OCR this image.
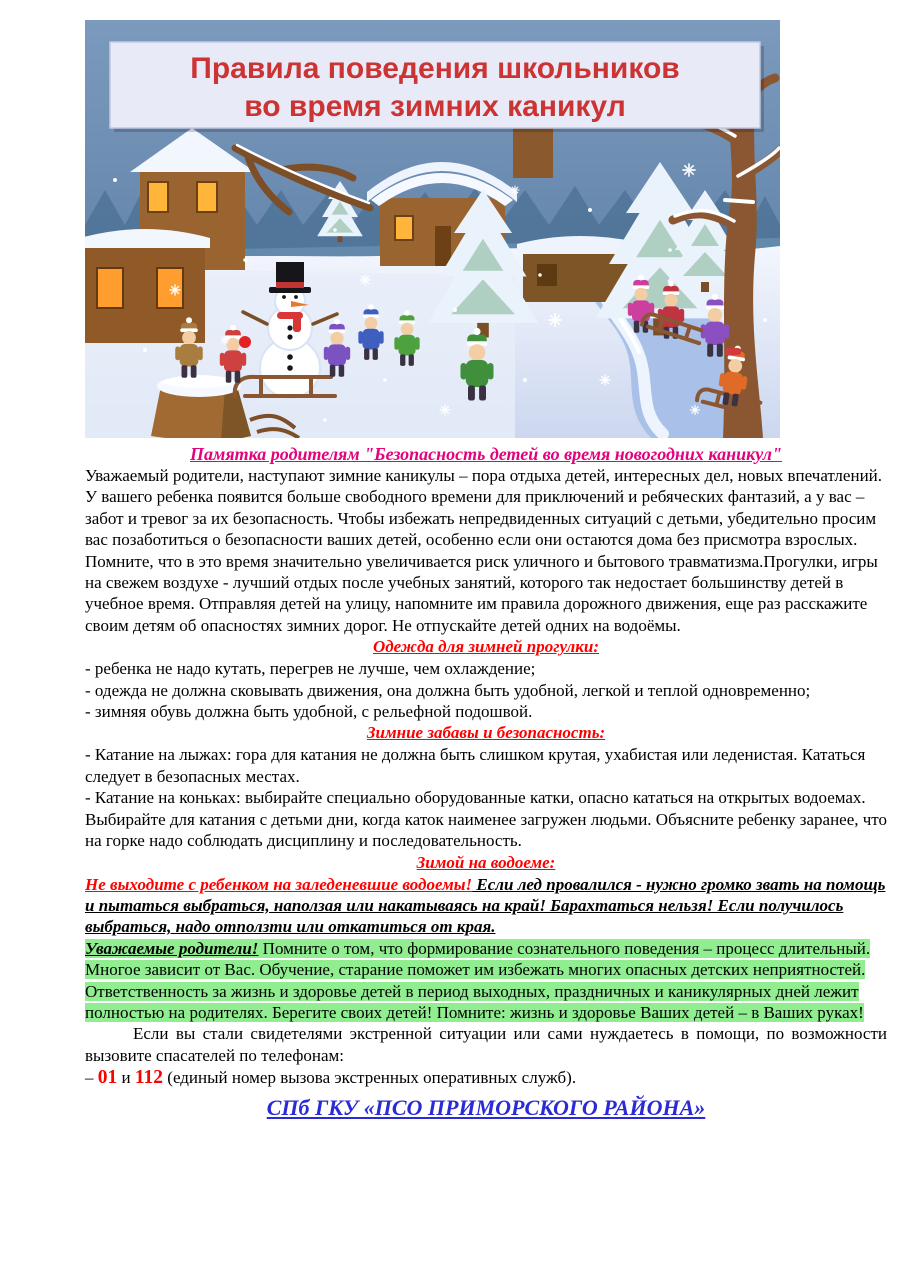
Правила поведения школьников
во время зимних каникул
Памятка родителям "Безопасность детей во время новогодних каникул"
Уважаемый родители, наступают зимние каникулы – пора отдыха детей, интересных дел, новых впечатлений. У вашего ребенка появится больше свободного времени для приключений и ребяческих фантазий, а у вас – забот и тревог за их безопасность. Чтобы избежать непредвиденных ситуаций с детьми, убедительно просим вас позаботиться о безопасности ваших детей, особенно если они остаются дома без присмотра взрослых. Помните, что в это время значительно увеличивается риск уличного и бытового травматизма.Прогулки, игры на свежем воздухе - лучший отдых после учебных занятий, которого так недостает большинству детей в учебное время. Отправляя детей на улицу, напомните им правила дорожного движения, еще раз расскажите своим детям об опасностях зимних дорог. Не отпускайте детей одних на водоёмы.
Одежда для зимней прогулки:
- ребенка не надо кутать, перегрев не лучше, чем охлаждение;
- одежда не должна сковывать движения, она должна быть удобной, легкой и теплой одновременно;
- зимняя обувь должна быть удобной, с рельефной подошвой.
Зимние забавы и безопасность:
- Катание на лыжах: гора для катания не должна быть слишком крутая, ухабистая или леденистая. Кататься следует в безопасных местах.
- Катание на коньках: выбирайте специально оборудованные катки, опасно кататься на открытых водоемах. Выбирайте для катания с детьми дни, когда каток наименее загружен людьми. Объясните ребенку заранее, что на горке надо соблюдать дисциплину и последовательность.
Зимой на водоеме:
Не выходите с ребенком на заледеневшие водоемы! Если лед провалился - нужно громко звать на помощь и пытаться выбраться, наползая или накатываясь на край! Барахтаться нельзя! Если получилось выбраться, надо отползти или откатиться от края.
Уважаемые родители! Помните о том, что формирование сознательного поведения – процесс длительный. Многое зависит от Вас. Обучение, старание поможет им избежать многих опасных детских неприятностей.
Ответственность за жизнь и здоровье детей в период выходных, праздничных и каникулярных дней лежит полностью на родителях. Берегите своих детей! Помните: жизнь и здоровье Ваших детей – в Ваших руках!
Если вы стали свидетелями экстренной ситуации или сами нуждаетесь в помощи, по возможности вызовите спасателей по телефонам:
– 01 и 112 (единый номер вызова экстренных оперативных служб).
СПб ГКУ «ПСО ПРИМОРСКОГО РАЙОНА»
